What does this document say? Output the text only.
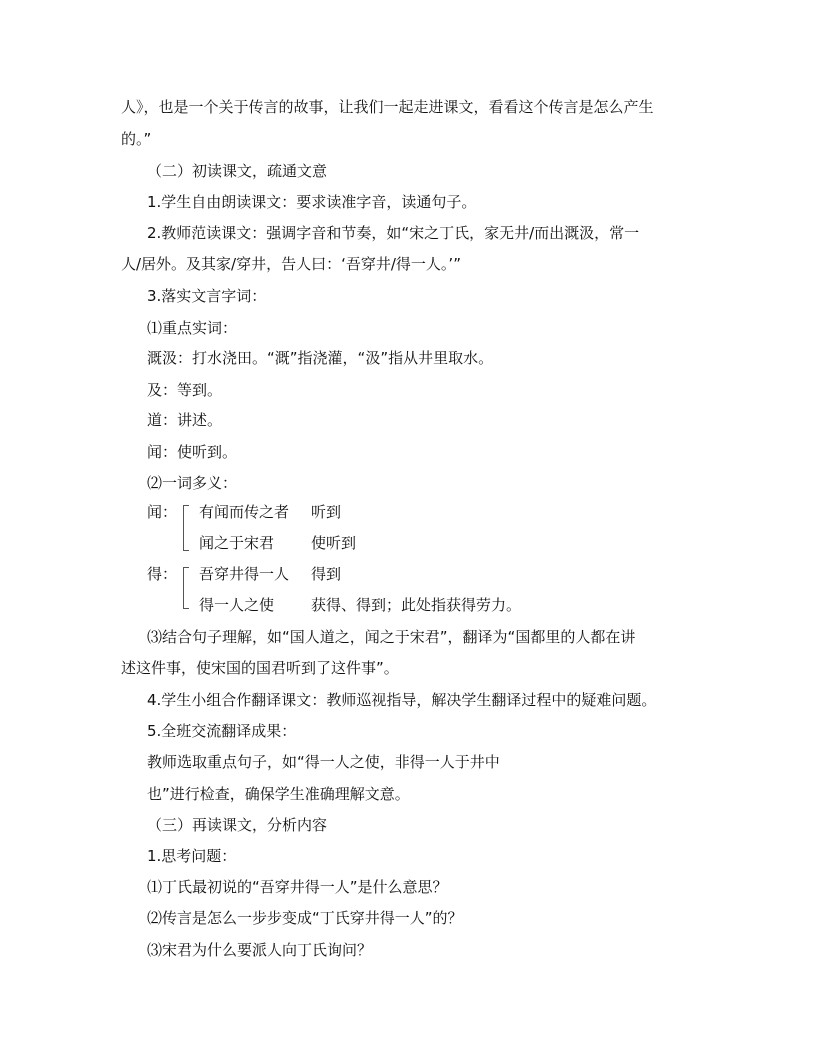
人》，也是一个关于传言的故事，让我们一起走进课文，看看这个传言是怎么产生
的。”
（二）初读课文，疏通文意
1.学生自由朗读课文：要求读准字音，读通句子。
2.教师范读课文：强调字音和节奏，如“宋之丁氏，家无井/而出溉汲，常一
人/居外。及其家/穿井，告人曰：‘吾穿井/得一人。’”
3.落实文言字词：
⑴重点实词：
溉汲：打水浇田。“溉”指浇灌，“汲”指从井里取水。
及：等到。
道：讲述。
闻：使听到。
⑵一词多义：
闻： 有闻而传之者 听到
闻之于宋君 使听到
得： 吾穿井得一人 得到
得一人之使 获得、得到；此处指获得劳力。
⑶结合句子理解，如“国人道之，闻之于宋君”，翻译为“国都里的人都在讲
述这件事，使宋国的国君听到了这件事”。
4.学生小组合作翻译课文：教师巡视指导，解决学生翻译过程中的疑难问题。
5.全班交流翻译成果：
教师选取重点句子，如“得一人之使，非得一人于井中
也”进行检查，确保学生准确理解文意。
（三）再读课文，分析内容
1.思考问题：
⑴丁氏最初说的“吾穿井得一人”是什么意思？
⑵传言是怎么一步步变成“丁氏穿井得一人”的？
⑶宋君为什么要派人向丁氏询问？
